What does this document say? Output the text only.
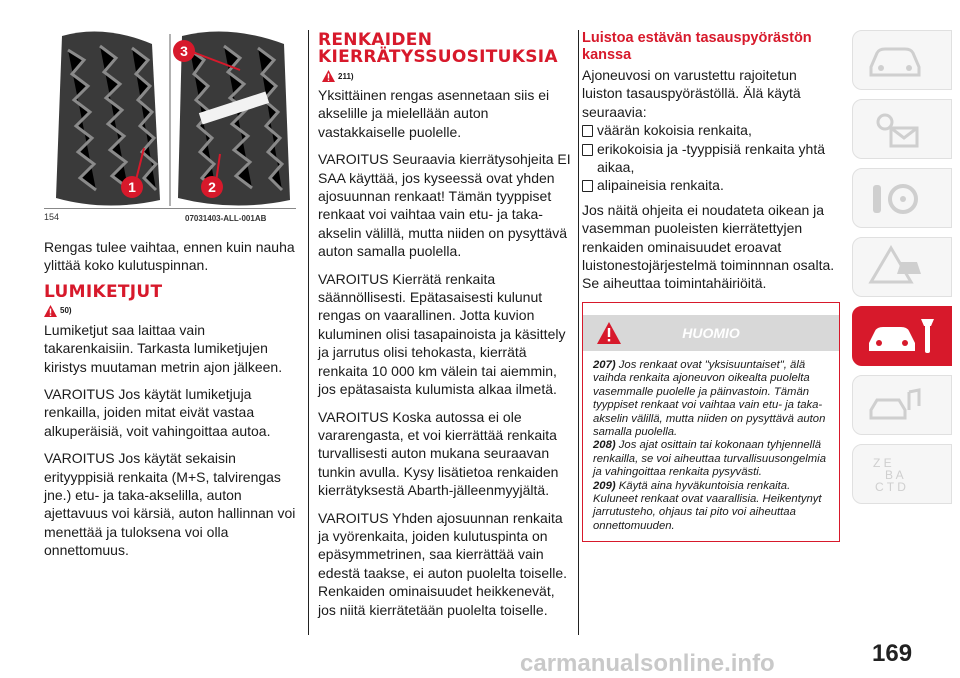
1	2
3
154	07031403-ALL-001AB

Rengas tulee vaihtaa, ennen kuin nauha ylittää koko kulutuspinnan.

LUMIKETJUT
50)

Lumiketjut saa laittaa vain takarenkaisiin. Tarkasta lumiketjujen kiristys muutaman metrin ajon jälkeen.

VAROITUS Jos käytät lumiketjuja renkailla, joiden mitat eivät vastaa alkuperäisiä, voit vahingoittaa autoa.

VAROITUS Jos käytät sekaisin erityyppisiä renkaita (M+S, talvirengas jne.) etu- ja taka-akselilla, auton ajettavuus voi kärsiä, auton hallinnan voi menettää ja tuloksena voi olla onnettomuus.

RENKAIDEN
KIERRÄTYSSUOSITUKSIA
211)

Yksittäinen rengas asennetaan siis ei akselille ja mielellään auton vastakkaiselle puolelle.

VAROITUS Seuraavia kierrätysohjeita EI SAA käyttää, jos kyseessä ovat yhden ajosuunnan renkaat! Tämän tyyppiset renkaat voi vaihtaa vain etu- ja taka-akselin välillä, mutta niiden on pysyttävä auton samalla puolella.

VAROITUS Kierrätä renkaita säännöllisesti. Epätasaisesti kulunut rengas on vaarallinen. Jotta kuvion kuluminen olisi tasapainoista ja käsittely ja jarrutus olisi tehokasta, kierrätä renkaita 10 000 km välein tai aiemmin, jos epätasaista kulumista alkaa ilmetä.

VAROITUS Koska autossa ei ole vararengasta, et voi kierrättää renkaita turvallisesti auton mukana seuraavan tunkin avulla. Kysy lisätietoa renkaiden kierrätyksestä Abarth-jälleenmyyjältä.

VAROITUS Yhden ajosuunnan renkaita ja vyörenkaita, joiden kulutuspinta on epäsymmetrinen, saa kierrättää vain edestä taakse, ei auton puolelta toiselle. Renkaiden ominaisuudet heikkenevät, jos niitä kierrätetään puolelta toiselle.

Luistoa estävän tasauspyörästön kanssa

Ajoneuvosi on varustettu rajoitetun luiston tasauspyörästöllä. Älä käytä seuraavia:

väärän kokoisia renkaita,
erikokoisia ja -tyyppisiä renkaita yhtä aikaa,
alipaineisia renkaita.

Jos näitä ohjeita ei noudateta oikean ja vasemman puoleisten kierrätettyjen renkaiden ominaisuudet eroavat luistonestojärjestelmä toiminnnan osalta. Se aiheuttaa toimintahäiriöitä.

HUOMIO
207) Jos renkaat ovat "yksisuuntaiset", älä vaihda renkaita ajoneuvon oikealta puolelta vasemmalle puolelle ja päinvastoin. Tämän tyyppiset renkaat voi vaihtaa vain etu- ja taka-akselin välillä, mutta niiden on pysyttävä auton samalla puolella.
208) Jos ajat osittain tai kokonaan tyhjennellä renkailla, se voi aiheuttaa turvallisuusongelmia ja vahingoittaa renkaita pysyvästi.
209) Käytä aina hyväkuntoisia renkaita. Kuluneet renkaat ovat vaarallisia. Heikentynyt jarrutusteho, ohjaus tai pito voi aiheuttaa onnettomuuden.
Z E
B A
C T D
carmanualsonline.info	169
